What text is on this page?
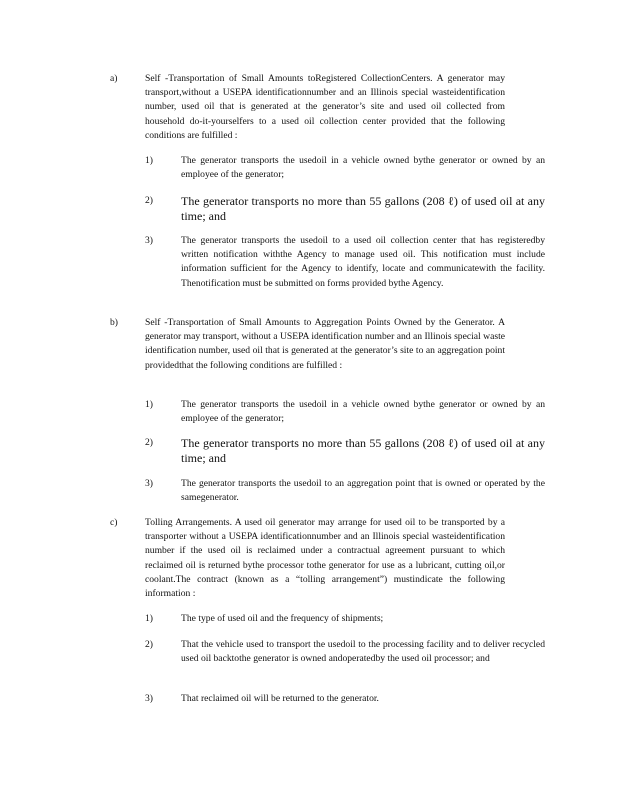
a)	Self -Transportation of Small Amounts toRegistered CollectionCenters. A generator may transport,without a USEPA identificationnumber and an Illinois special wasteidentification number, used oil that is generated at the generator’s site and used oil collected from household do-it-yourselfers to a used oil collection center provided that the following conditions are fulfilled :
1)	The generator transports the usedoil in a vehicle owned bythe generator or owned by an employee of the generator;
2) The generator transports no more than 55 gallons (208 ℓ) of used oil at any time; and
3)	The generator transports the usedoil to a used oil collection center that has registeredby written notification withthe Agency to manage used oil. This notification must include information sufficient for the Agency to identify, locate and communicatewith the facility. Thenotification must be submitted on forms provided bythe Agency.
b)	Self -Transportation of Small Amounts to Aggregation Points Owned by the Generator. A generator may transport, without a USEPA identification number and an Illinois special waste identification number, used oil that is generated at the generator’s site to an aggregation point providedthat the following conditions are fulfilled :
1)	The generator transports the usedoil in a vehicle owned bythe generator or owned by an employee of the generator;
2) The generator transports no more than 55 gallons (208 ℓ) of used oil at any time; and
3)	The generator transports the usedoil to an aggregation point that is owned or operated by the samegenerator.
c)	Tolling Arrangements. A used oil generator may arrange for used oil to be transported by a transporter without a USEPA identificationnumber and an Illinois special wasteidentification number if the used oil is reclaimed under a contractual agreement pursuant to which reclaimed oil is returned bythe processor tothe generator for use as a lubricant, cutting oil,or coolant.The contract (known as a “tolling arrangement”) mustindicate the following information :
1)	The type of used oil and the frequency of shipments;
2)	That the vehicle used to transport the usedoil to the processing facility and to deliver recycled used oil backtothe generator is owned andoperatedby the used oil processor; and
3)	That reclaimed oil will be returned to the generator.
